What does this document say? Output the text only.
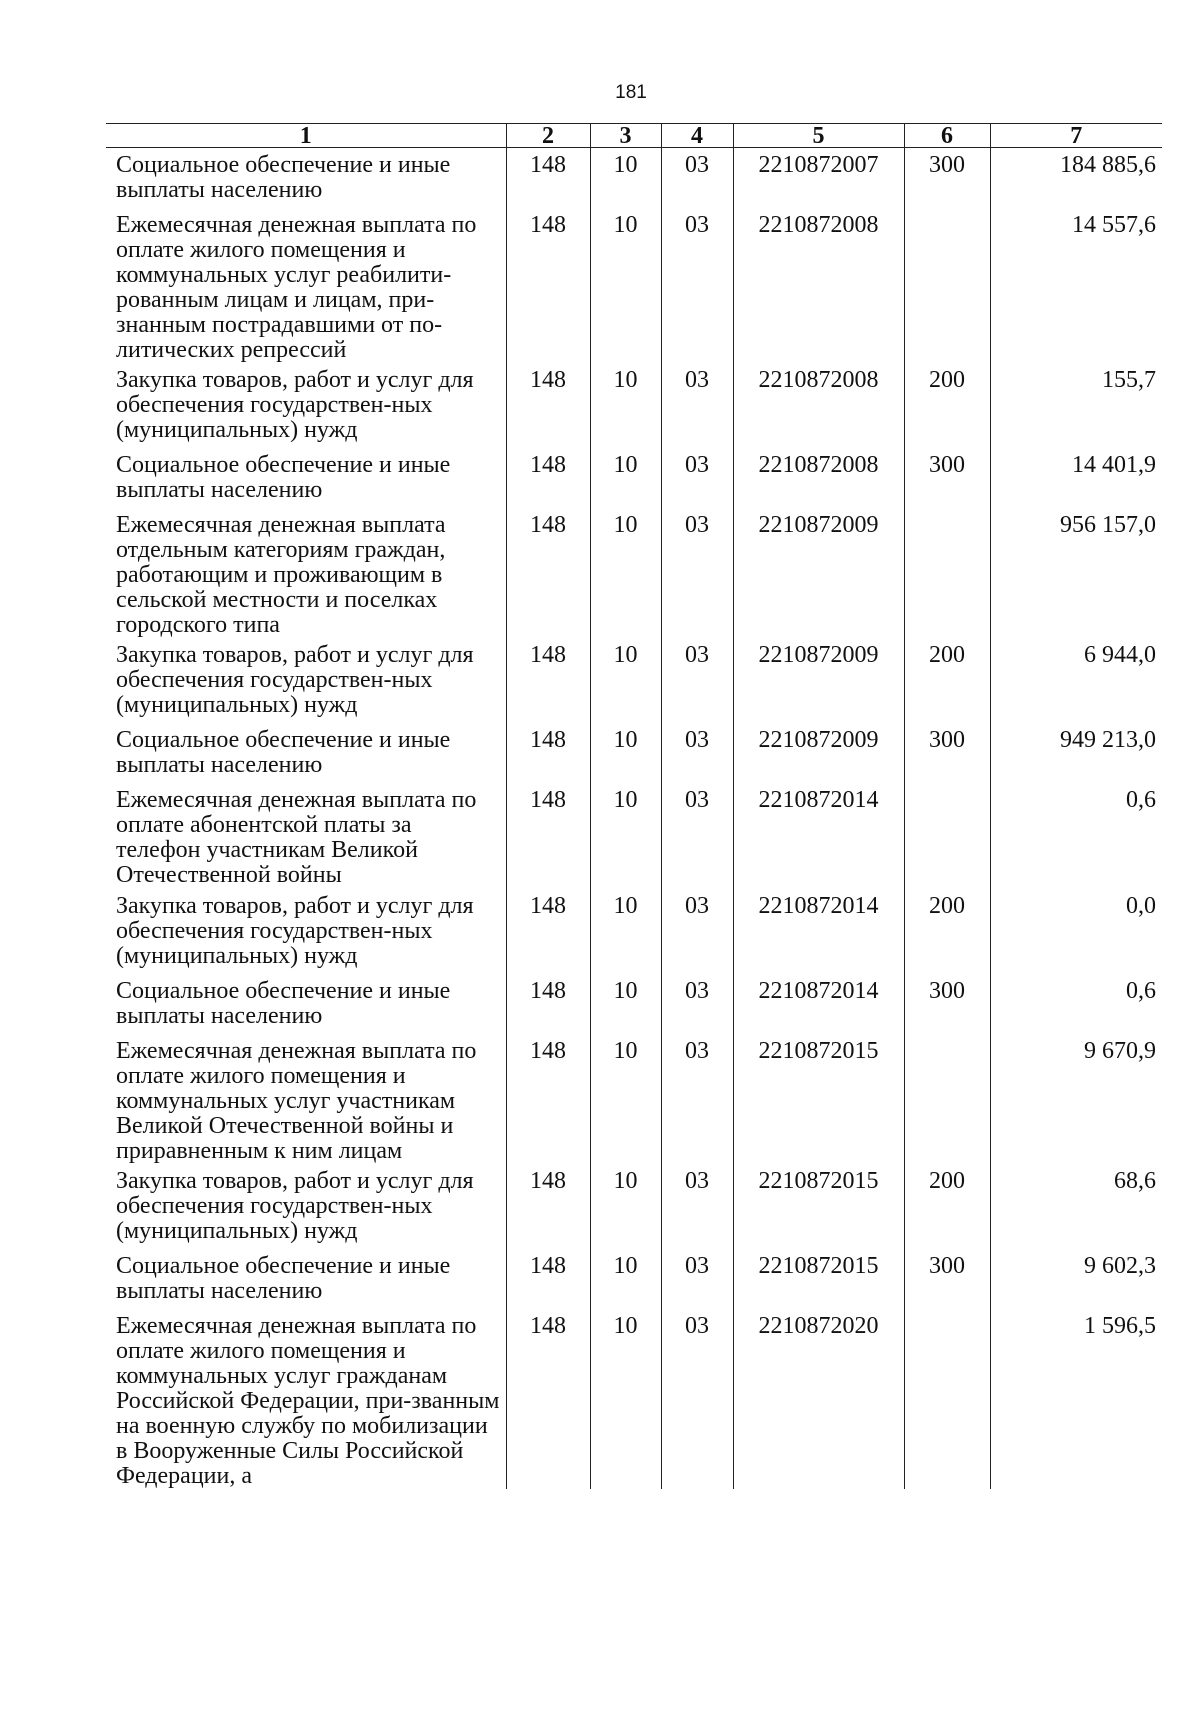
181
1	2	3	4	5	6	7
Социальное обеспечение и иные выплаты населению	148	10	03	2210872007	300	184 885,6
Ежемесячная денежная выплата по оплате жилого помещения и коммунальных услуг реабилити-рованным лицам и лицам, при-знанным пострадавшими от по-литических репрессий	148	10	03	2210872008		14 557,6
Закупка товаров, работ и услуг для обеспечения государствен-ных (муниципальных) нужд	148	10	03	2210872008	200	155,7
Социальное обеспечение и иные выплаты населению	148	10	03	2210872008	300	14 401,9
Ежемесячная денежная выплата отдельным категориям граждан, работающим и проживающим в сельской местности и поселках городского типа	148	10	03	2210872009		956 157,0
Закупка товаров, работ и услуг для обеспечения государствен-ных (муниципальных) нужд	148	10	03	2210872009	200	6 944,0
Социальное обеспечение и иные выплаты населению	148	10	03	2210872009	300	949 213,0
Ежемесячная денежная выплата по оплате абонентской платы за телефон участникам Великой Отечественной войны	148	10	03	2210872014		0,6
Закупка товаров, работ и услуг для обеспечения государствен-ных (муниципальных) нужд	148	10	03	2210872014	200	0,0
Социальное обеспечение и иные выплаты населению	148	10	03	2210872014	300	0,6
Ежемесячная денежная выплата по оплате жилого помещения и коммунальных услуг участникам Великой Отечественной войны и приравненным к ним лицам	148	10	03	2210872015		9 670,9
Закупка товаров, работ и услуг для обеспечения государствен-ных (муниципальных) нужд	148	10	03	2210872015	200	68,6
Социальное обеспечение и иные выплаты населению	148	10	03	2210872015	300	9 602,3
Ежемесячная денежная выплата по оплате жилого помещения и коммунальных услуг гражданам Российской Федерации, при-званным на военную службу по мобилизации в Вооруженные Силы Российской Федерации, а	148	10	03	2210872020		1 596,5
